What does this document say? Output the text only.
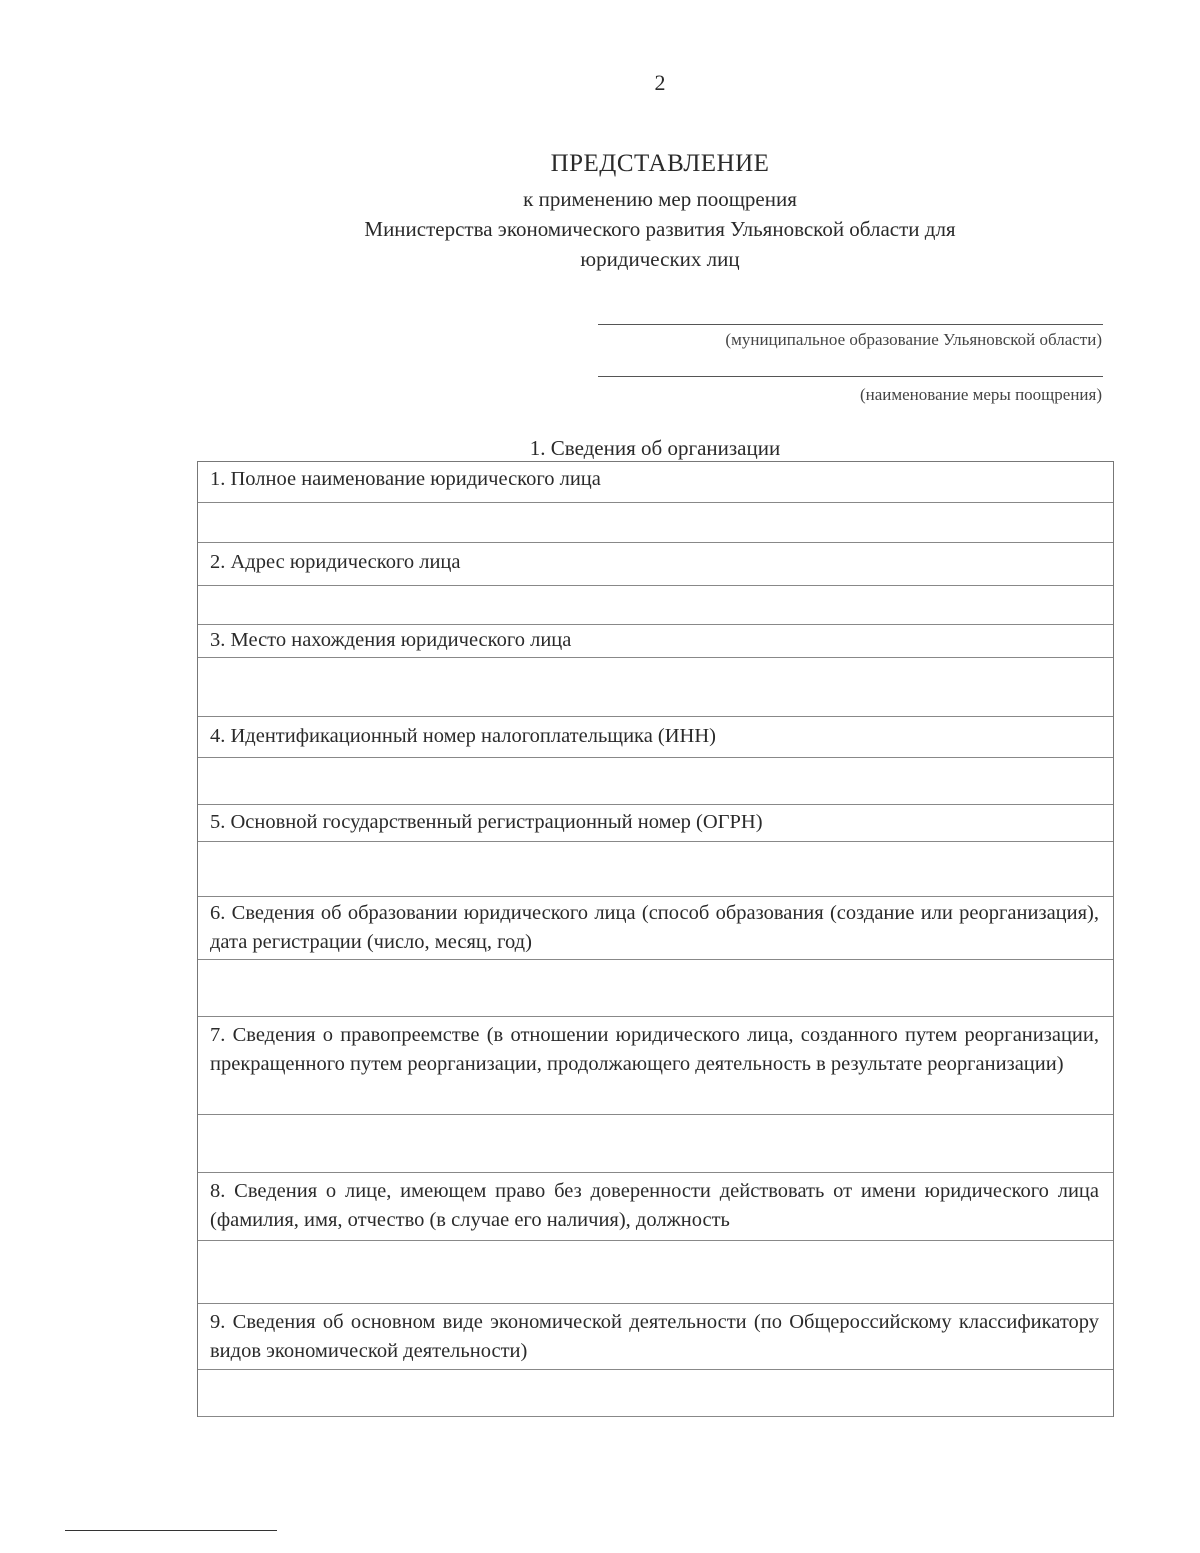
2
ПРЕДСТАВЛЕНИЕ
к применению мер поощрения
Министерства экономического развития Ульяновской области для
юридических лиц
(муниципальное образование Ульяновской области)
(наименование меры поощрения)
1. Сведения об организации
1. Полное наименование юридического лица
2. Адрес юридического лица
3. Место нахождения юридического лица
4. Идентификационный номер налогоплательщика (ИНН)
5. Основной государственный регистрационный номер (ОГРН)
6. Сведения об образовании юридического лица (способ образования (создание или реорганизация), дата регистрации (число, месяц, год)
7. Сведения о правопреемстве (в отношении юридического лица, созданного путем реорганизации, прекращенного путем реорганизации, продолжающего деятельность в результате реорганизации)
8. Сведения о лице, имеющем право без доверенности действовать от имени юридического лица (фамилия, имя, отчество (в случае его наличия), должность
9. Сведения об основном виде экономической деятельности (по Общероссийскому классификатору видов экономической деятельности)
